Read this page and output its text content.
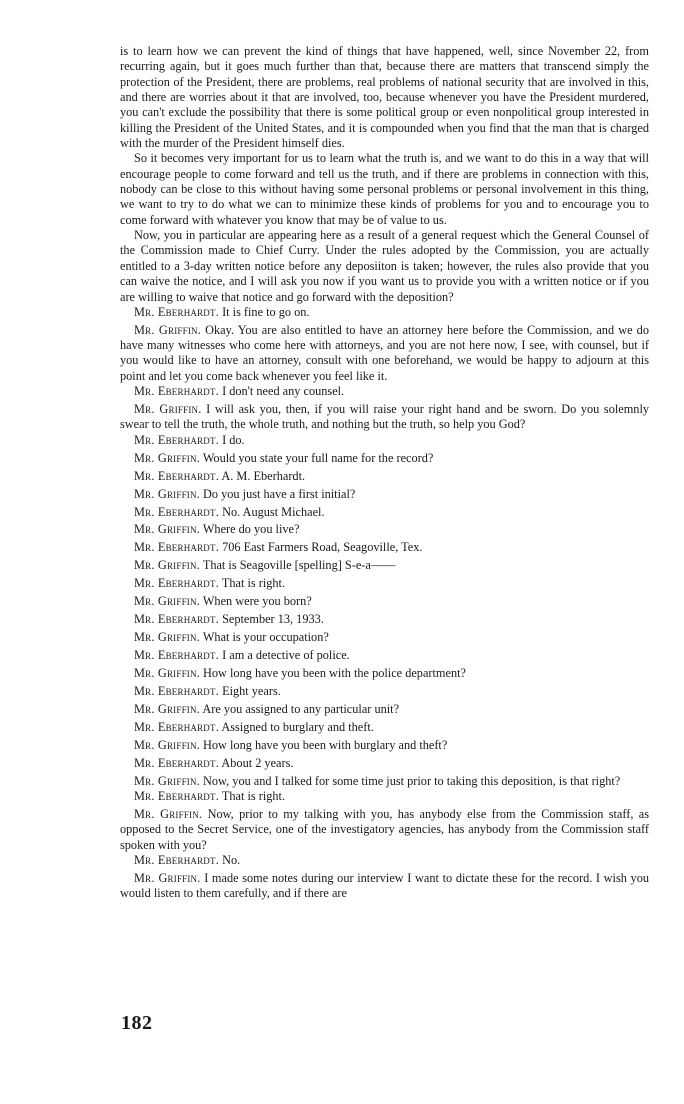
is to learn how we can prevent the kind of things that have happened, well, since November 22, from recurring again, but it goes much further than that, because there are matters that transcend simply the protection of the President, there are problems, real problems of national security that are involved in this, and there are worries about it that are involved, too, because whenever you have the President murdered, you can't exclude the possibility that there is some political group or even nonpolitical group interested in killing the President of the United States, and it is compounded when you find that the man that is charged with the murder of the President himself dies.

So it becomes very important for us to learn what the truth is, and we want to do this in a way that will encourage people to come forward and tell us the truth, and if there are problems in connection with this, nobody can be close to this without having some personal problems or personal involvement in this thing, we want to try to do what we can to minimize these kinds of problems for you and to encourage you to come forward with whatever you know that may be of value to us.

Now, you in particular are appearing here as a result of a general request which the General Counsel of the Commission made to Chief Curry. Under the rules adopted by the Commission, you are actually entitled to a 3-day written notice before any deposiiton is taken; however, the rules also provide that you can waive the notice, and I will ask you now if you want us to provide you with a written notice or if you are willing to waive that notice and go forward with the deposition?

Mr. Eberhardt. It is fine to go on.

Mr. Griffin. Okay. You are also entitled to have an attorney here before the Commission, and we do have many witnesses who come here with attorneys, and you are not here now, I see, with counsel, but if you would like to have an attorney, consult with one beforehand, we would be happy to adjourn at this point and let you come back whenever you feel like it.

Mr. Eberhardt. I don't need any counsel.

Mr. Griffin. I will ask you, then, if you will raise your right hand and be sworn. Do you solemnly swear to tell the truth, the whole truth, and nothing but the truth, so help you God?

Mr. Eberhardt. I do.

Mr. Griffin. Would you state your full name for the record?

Mr. Eberhardt. A. M. Eberhardt.

Mr. Griffin. Do you just have a first initial?

Mr. Eberhardt. No. August Michael.

Mr. Griffin. Where do you live?

Mr. Eberhardt. 706 East Farmers Road, Seagoville, Tex.

Mr. Griffin. That is Seagoville [spelling] S-e-a——

Mr. Eberhardt. That is right.

Mr. Griffin. When were you born?

Mr. Eberhardt. September 13, 1933.

Mr. Griffin. What is your occupation?

Mr. Eberhardt. I am a detective of police.

Mr. Griffin. How long have you been with the police department?

Mr. Eberhardt. Eight years.

Mr. Griffin. Are you assigned to any particular unit?

Mr. Eberhardt. Assigned to burglary and theft.

Mr. Griffin. How long have you been with burglary and theft?

Mr. Eberhardt. About 2 years.

Mr. Griffin. Now, you and I talked for some time just prior to taking this deposition, is that right?

Mr. Eberhardt. That is right.

Mr. Griffin. Now, prior to my talking with you, has anybody else from the Commission staff, as opposed to the Secret Service, one of the investigatory agencies, has anybody from the Commission staff spoken with you?

Mr. Eberhardt. No.

Mr. Griffin. I made some notes during our interview I want to dictate these for the record. I wish you would listen to them carefully, and if there are

182
